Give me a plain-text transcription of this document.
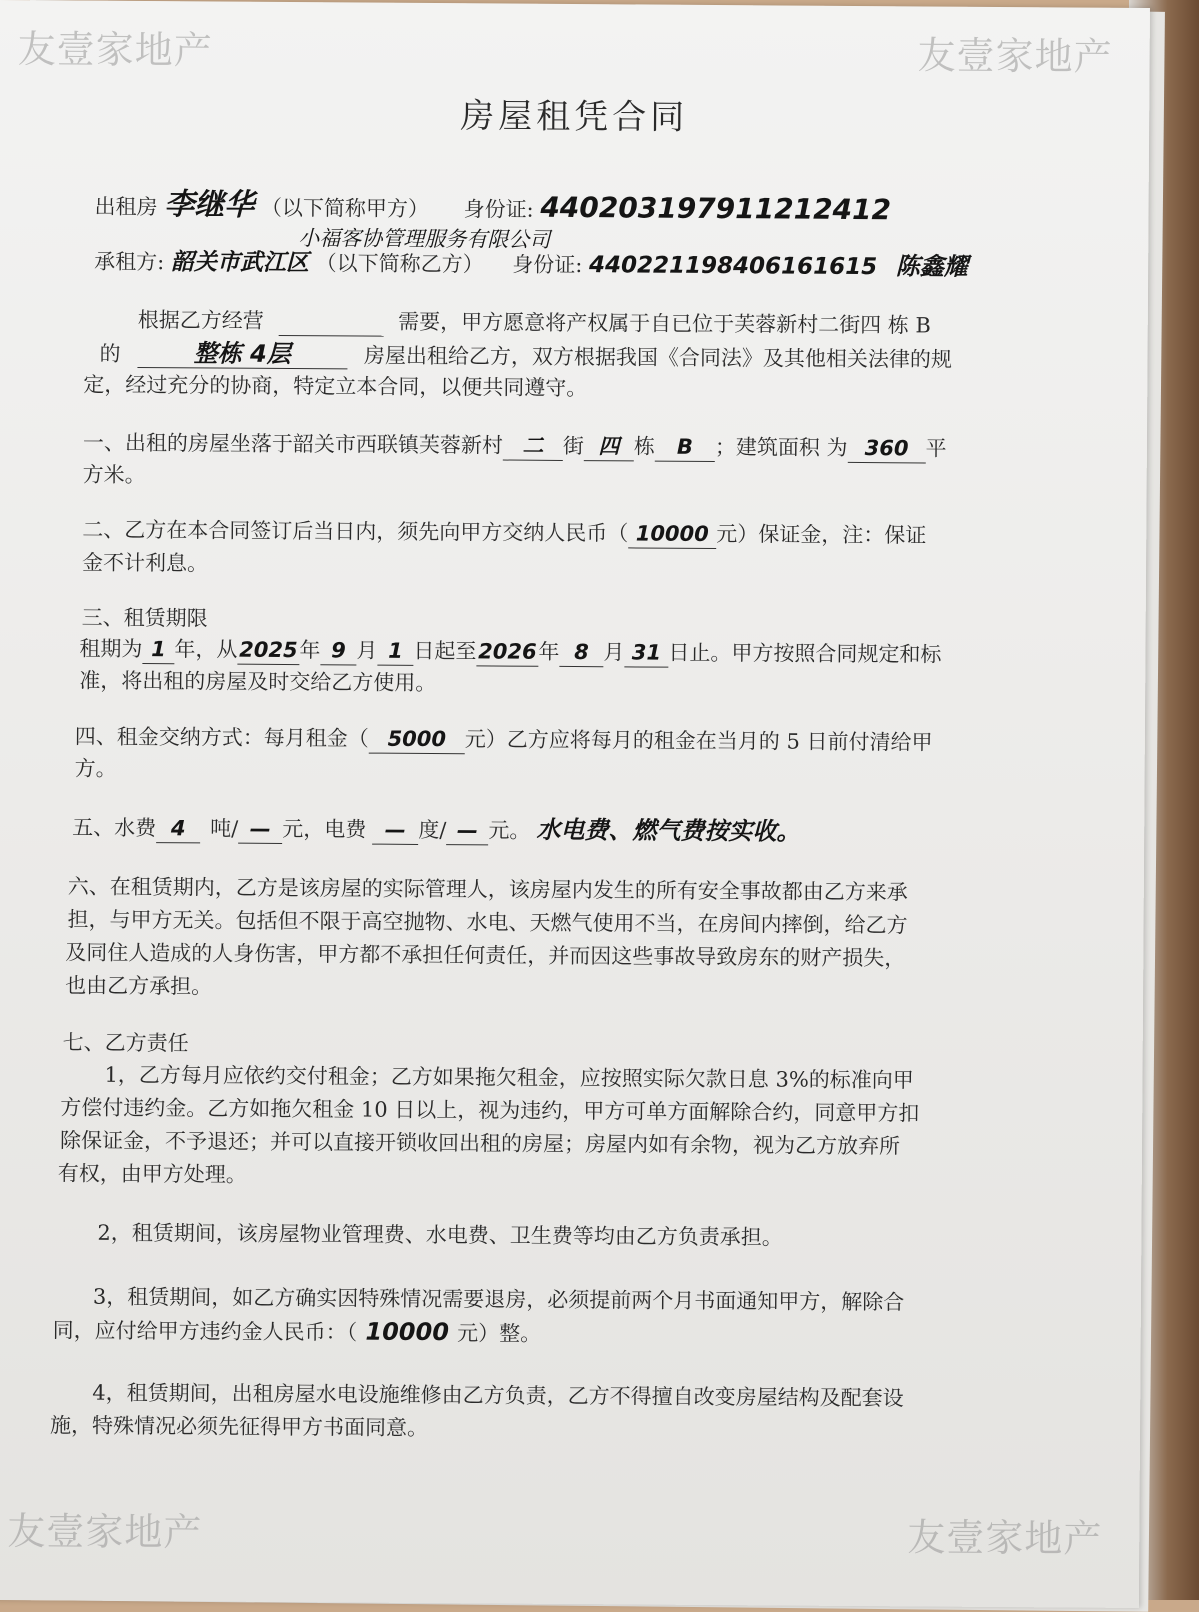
友壹家地产	友壹家地产
友壹家地产	友壹家地产
房屋租凭合同
出租房 李继华 （以下简称甲方） 身份证: 440203197911212412
小福客协管理服务有限公司
承租方: 韶关市武江区 （以下简称乙方） 身份证: 440221198406161615 陈鑫耀
根据乙方经营	需要，甲方愿意将产权属于自已位于芙蓉新村二街四 栋 B
的	整栋 4层	房屋出租给乙方，双方根据我国《合同法》及其他相关法律的规
定，经过充分的协商，特定立本合同，以便共同遵守。
一、出租的房屋坐落于韶关市西联镇芙蓉新村 二 街 四 栋 B ；建筑面积 为 360 平
方米。
二、乙方在本合同签订后当日内，须先向甲方交纳人民币（ 10000 元）保证金，注：保证
金不计利息。
三、租赁期限
租期为 1 年，从2025年 9 月 1 日起至2026年 8 月 31 日止。甲方按照合同规定和标
准，将出租的房屋及时交给乙方使用。
四、租金交纳方式：每月租金（ 5000 元）乙方应将每月的租金在当月的 5 日前付清给甲
方。
五、水费 4 吨/ — 元，电费 — 度/ — 元。 水电费、燃气费按实收。
六、在租赁期内，乙方是该房屋的实际管理人，该房屋内发生的所有安全事故都由乙方来承
担，与甲方无关。包括但不限于高空抛物、水电、天燃气使用不当，在房间内摔倒，给乙方
及同住人造成的人身伤害，甲方都不承担任何责任，并而因这些事故导致房东的财产损失，
也由乙方承担。
七、乙方责任
1，乙方每月应依约交付租金；乙方如果拖欠租金，应按照实际欠款日息 3%的标准向甲
方偿付违约金。乙方如拖欠租金 10 日以上，视为违约，甲方可单方面解除合约，同意甲方扣
除保证金，不予退还；并可以直接开锁收回出租的房屋；房屋内如有余物，视为乙方放弃所
有权，由甲方处理。
2，租赁期间，该房屋物业管理费、水电费、卫生费等均由乙方负责承担。
3，租赁期间，如乙方确实因特殊情况需要退房，必须提前两个月书面通知甲方，解除合
同，应付给甲方违约金人民币：（ 10000 元）整。
4，租赁期间，出租房屋水电设施维修由乙方负责，乙方不得擅自改变房屋结构及配套设
施，特殊情况必须先征得甲方书面同意。
